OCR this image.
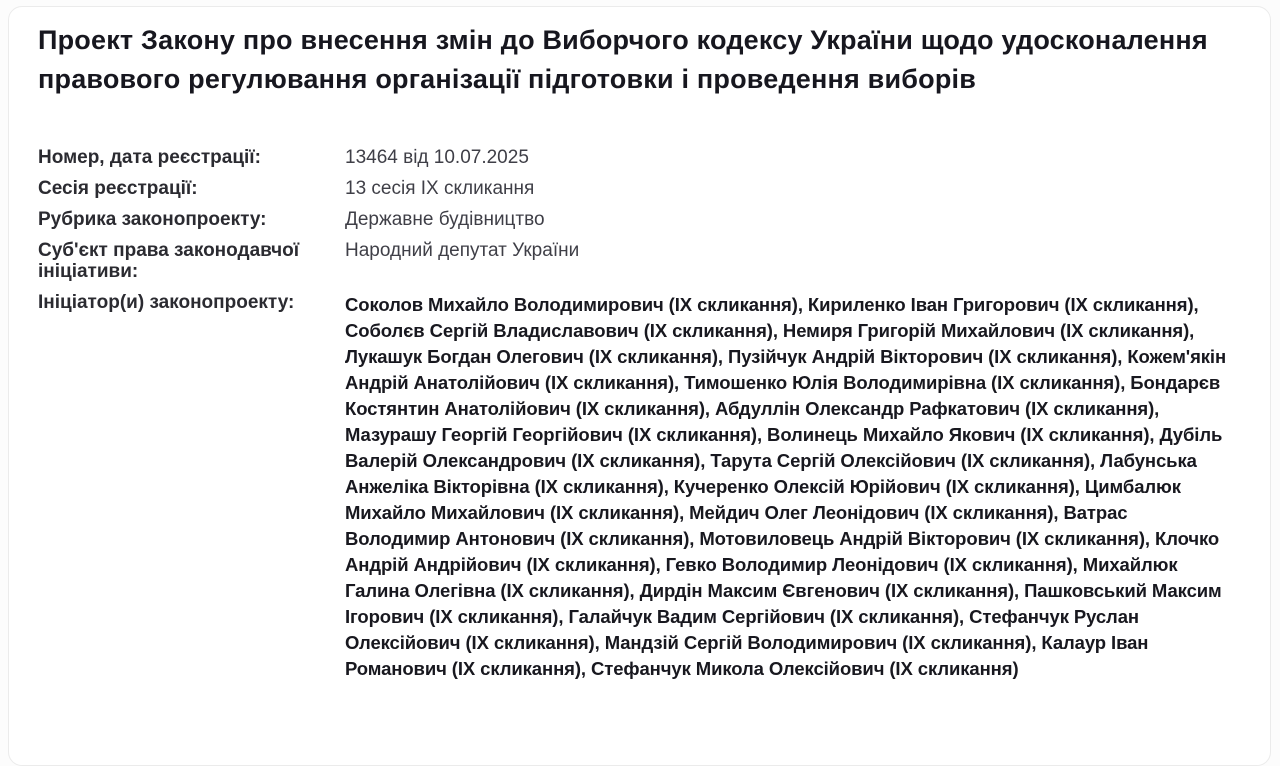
Проект Закону про внесення змін до Виборчого кодексу України щодо удосконалення правового регулювання організації підготовки і проведення виборів
Номер, дата реєстрації:	13464 від 10.07.2025
Сесія реєстрації:	13 сесія ІХ скликання
Рубрика законопроекту:	Державне будівництво
Суб'єкт права законодавчої ініціативи:
Народний депутат України
Ініціатор(и) законопроекту:	Соколов Михайло Володимирович (ІХ скликання), Кириленко Іван Григорович (ІХ скликання), Соболєв Сергій Владиславович (ІХ скликання), Немиря Григорій Михайлович (ІХ скликання), Лукашук Богдан Олегович (ІХ скликання), Пузійчук Андрій Вікторович (ІХ скликання), Кожем'якін Андрій Анатолійович (ІХ скликання), Тимошенко Юлія Володимирівна (ІХ скликання), Бондарєв Костянтин Анатолійович (ІХ скликання), Абдуллін Олександр Рафкатович (ІХ скликання), Мазурашу Георгій Георгійович (ІХ скликання), Волинець Михайло Якович (ІХ скликання), Дубіль Валерій Олександрович (ІХ скликання), Тарута Сергій Олексійович (ІХ скликання), Лабунська Анжеліка Вікторівна (ІХ скликання), Кучеренко Олексій Юрійович (ІХ скликання), Цимбалюк Михайло Михайлович (ІХ скликання), Мейдич Олег Леонідович (ІХ скликання), Ватрас Володимир Антонович (ІХ скликання), Мотовиловець Андрій Вікторович (ІХ скликання), Клочко Андрій Андрійович (ІХ скликання), Гевко Володимир Леонідович (ІХ скликання), Михайлюк Галина Олегівна (ІХ скликання), Дирдін Максим Євгенович (ІХ скликання), Пашковський Максим Ігорович (ІХ скликання), Галайчук Вадим Сергійович (ІХ скликання), Стефанчук Руслан Олексійович (ІХ скликання), Мандзій Сергій Володимирович (ІХ скликання), Калаур Іван Романович (ІХ скликання), Стефанчук Микола Олексійович (ІХ скликання)
